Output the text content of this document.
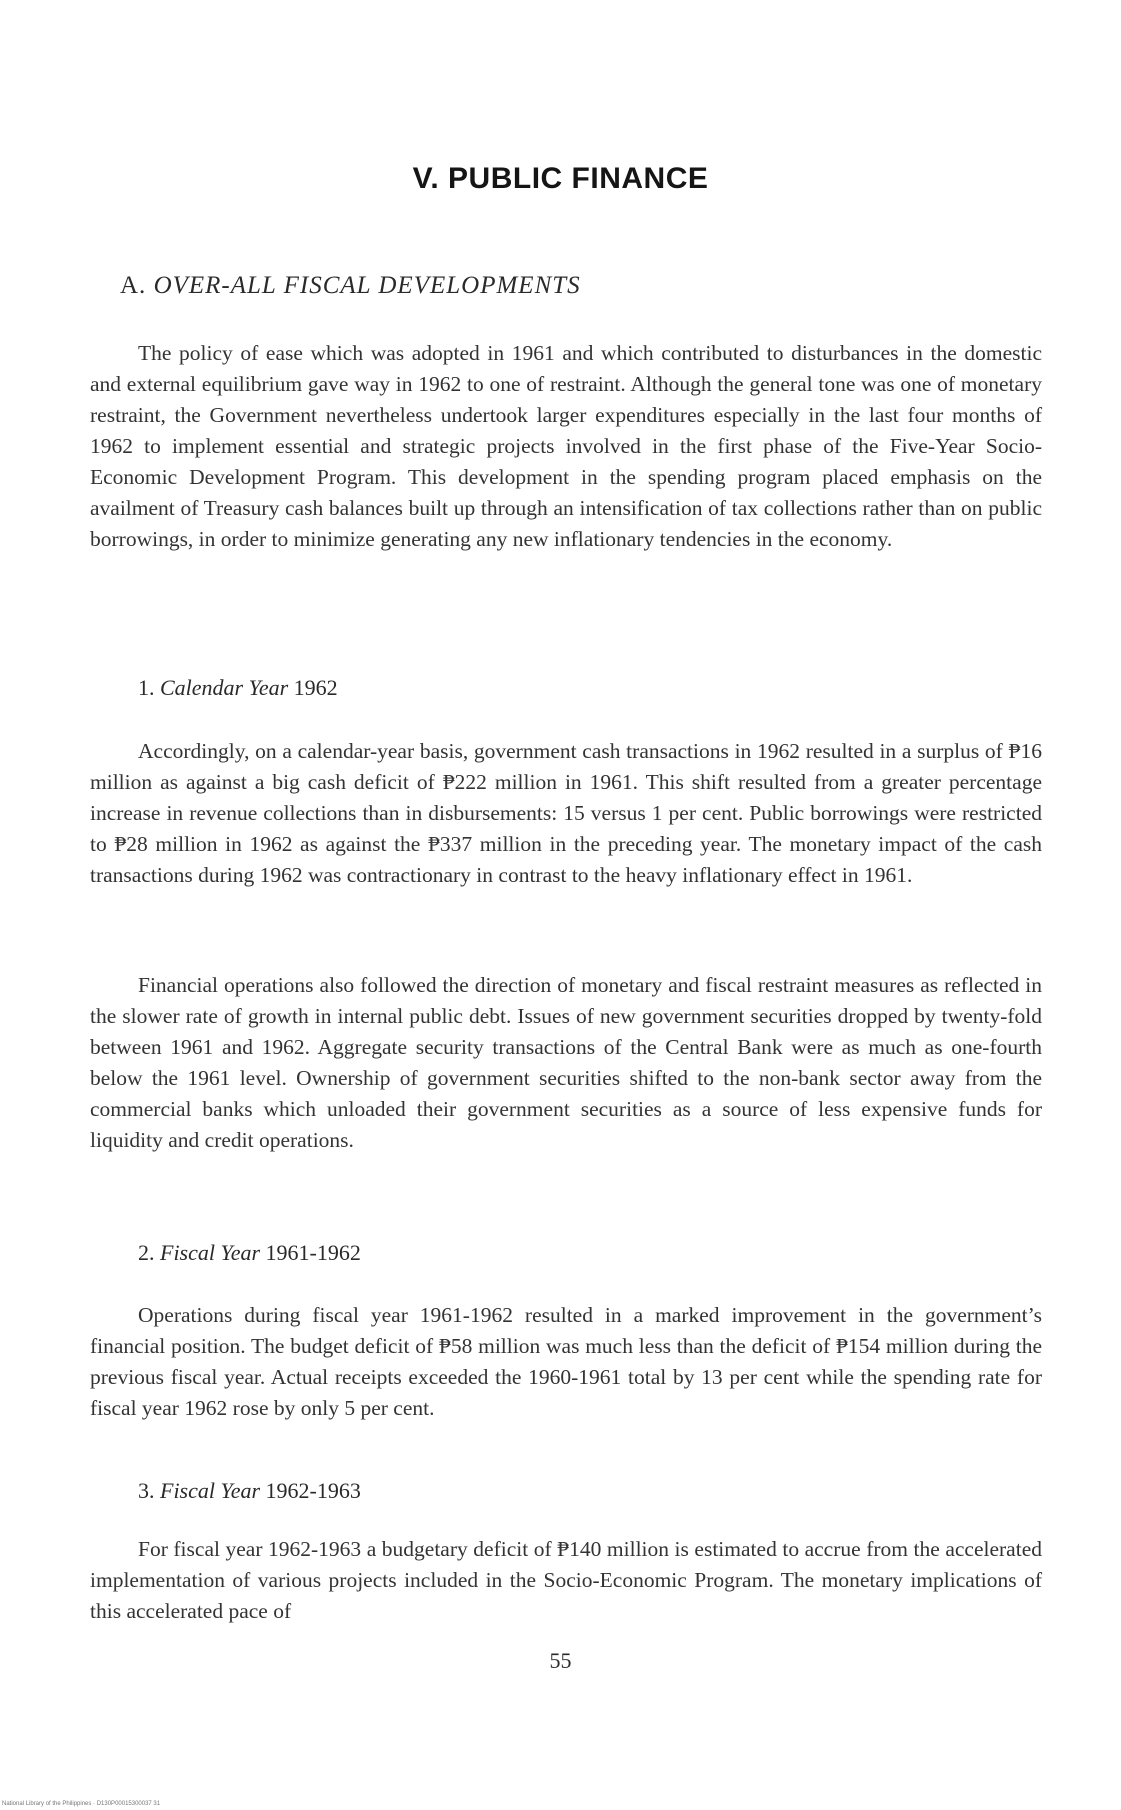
V. PUBLIC FINANCE
A. OVER-ALL FISCAL DEVELOPMENTS

The policy of ease which was adopted in 1961 and which contributed to disturbances in the domestic and external equilibrium gave way in 1962 to one of restraint. Although the general tone was one of monetary restraint, the Government nevertheless undertook larger expenditures especially in the last four months of 1962 to implement essential and strategic projects involved in the first phase of the Five-Year Socio-Economic Development Program. This development in the spending program placed emphasis on the availment of Treasury cash balances built up through an intensification of tax collections rather than on public borrowings, in order to minimize generating any new inflationary tendencies in the economy.

1. Calendar Year 1962

Accordingly, on a calendar-year basis, government cash transactions in 1962 resulted in a surplus of ₱16 million as against a big cash deficit of ₱222 million in 1961. This shift resulted from a greater percentage increase in revenue collections than in disbursements: 15 versus 1 per cent. Public borrowings were restricted to ₱28 million in 1962 as against the ₱337 million in the preceding year. The monetary impact of the cash transactions during 1962 was contractionary in contrast to the heavy inflationary effect in 1961.

Financial operations also followed the direction of monetary and fiscal restraint measures as reflected in the slower rate of growth in internal public debt. Issues of new government securities dropped by twenty-fold between 1961 and 1962. Aggregate security transactions of the Central Bank were as much as one-fourth below the 1961 level. Ownership of government securities shifted to the non-bank sector away from the commercial banks which unloaded their government securities as a source of less expensive funds for liquidity and credit operations.

2. Fiscal Year 1961-1962

Operations during fiscal year 1961-1962 resulted in a marked improvement in the government’s financial position. The budget deficit of ₱58 million was much less than the deficit of ₱154 million during the previous fiscal year. Actual receipts exceeded the 1960-1961 total by 13 per cent while the spending rate for fiscal year 1962 rose by only 5 per cent.

3. Fiscal Year 1962-1963

For fiscal year 1962-1963 a budgetary deficit of ₱140 million is estimated to accrue from the accelerated implementation of various projects included in the Socio-Economic Program. The monetary implications of this accelerated pace of

55
National Library of the Philippines · D130P00015300037 31
